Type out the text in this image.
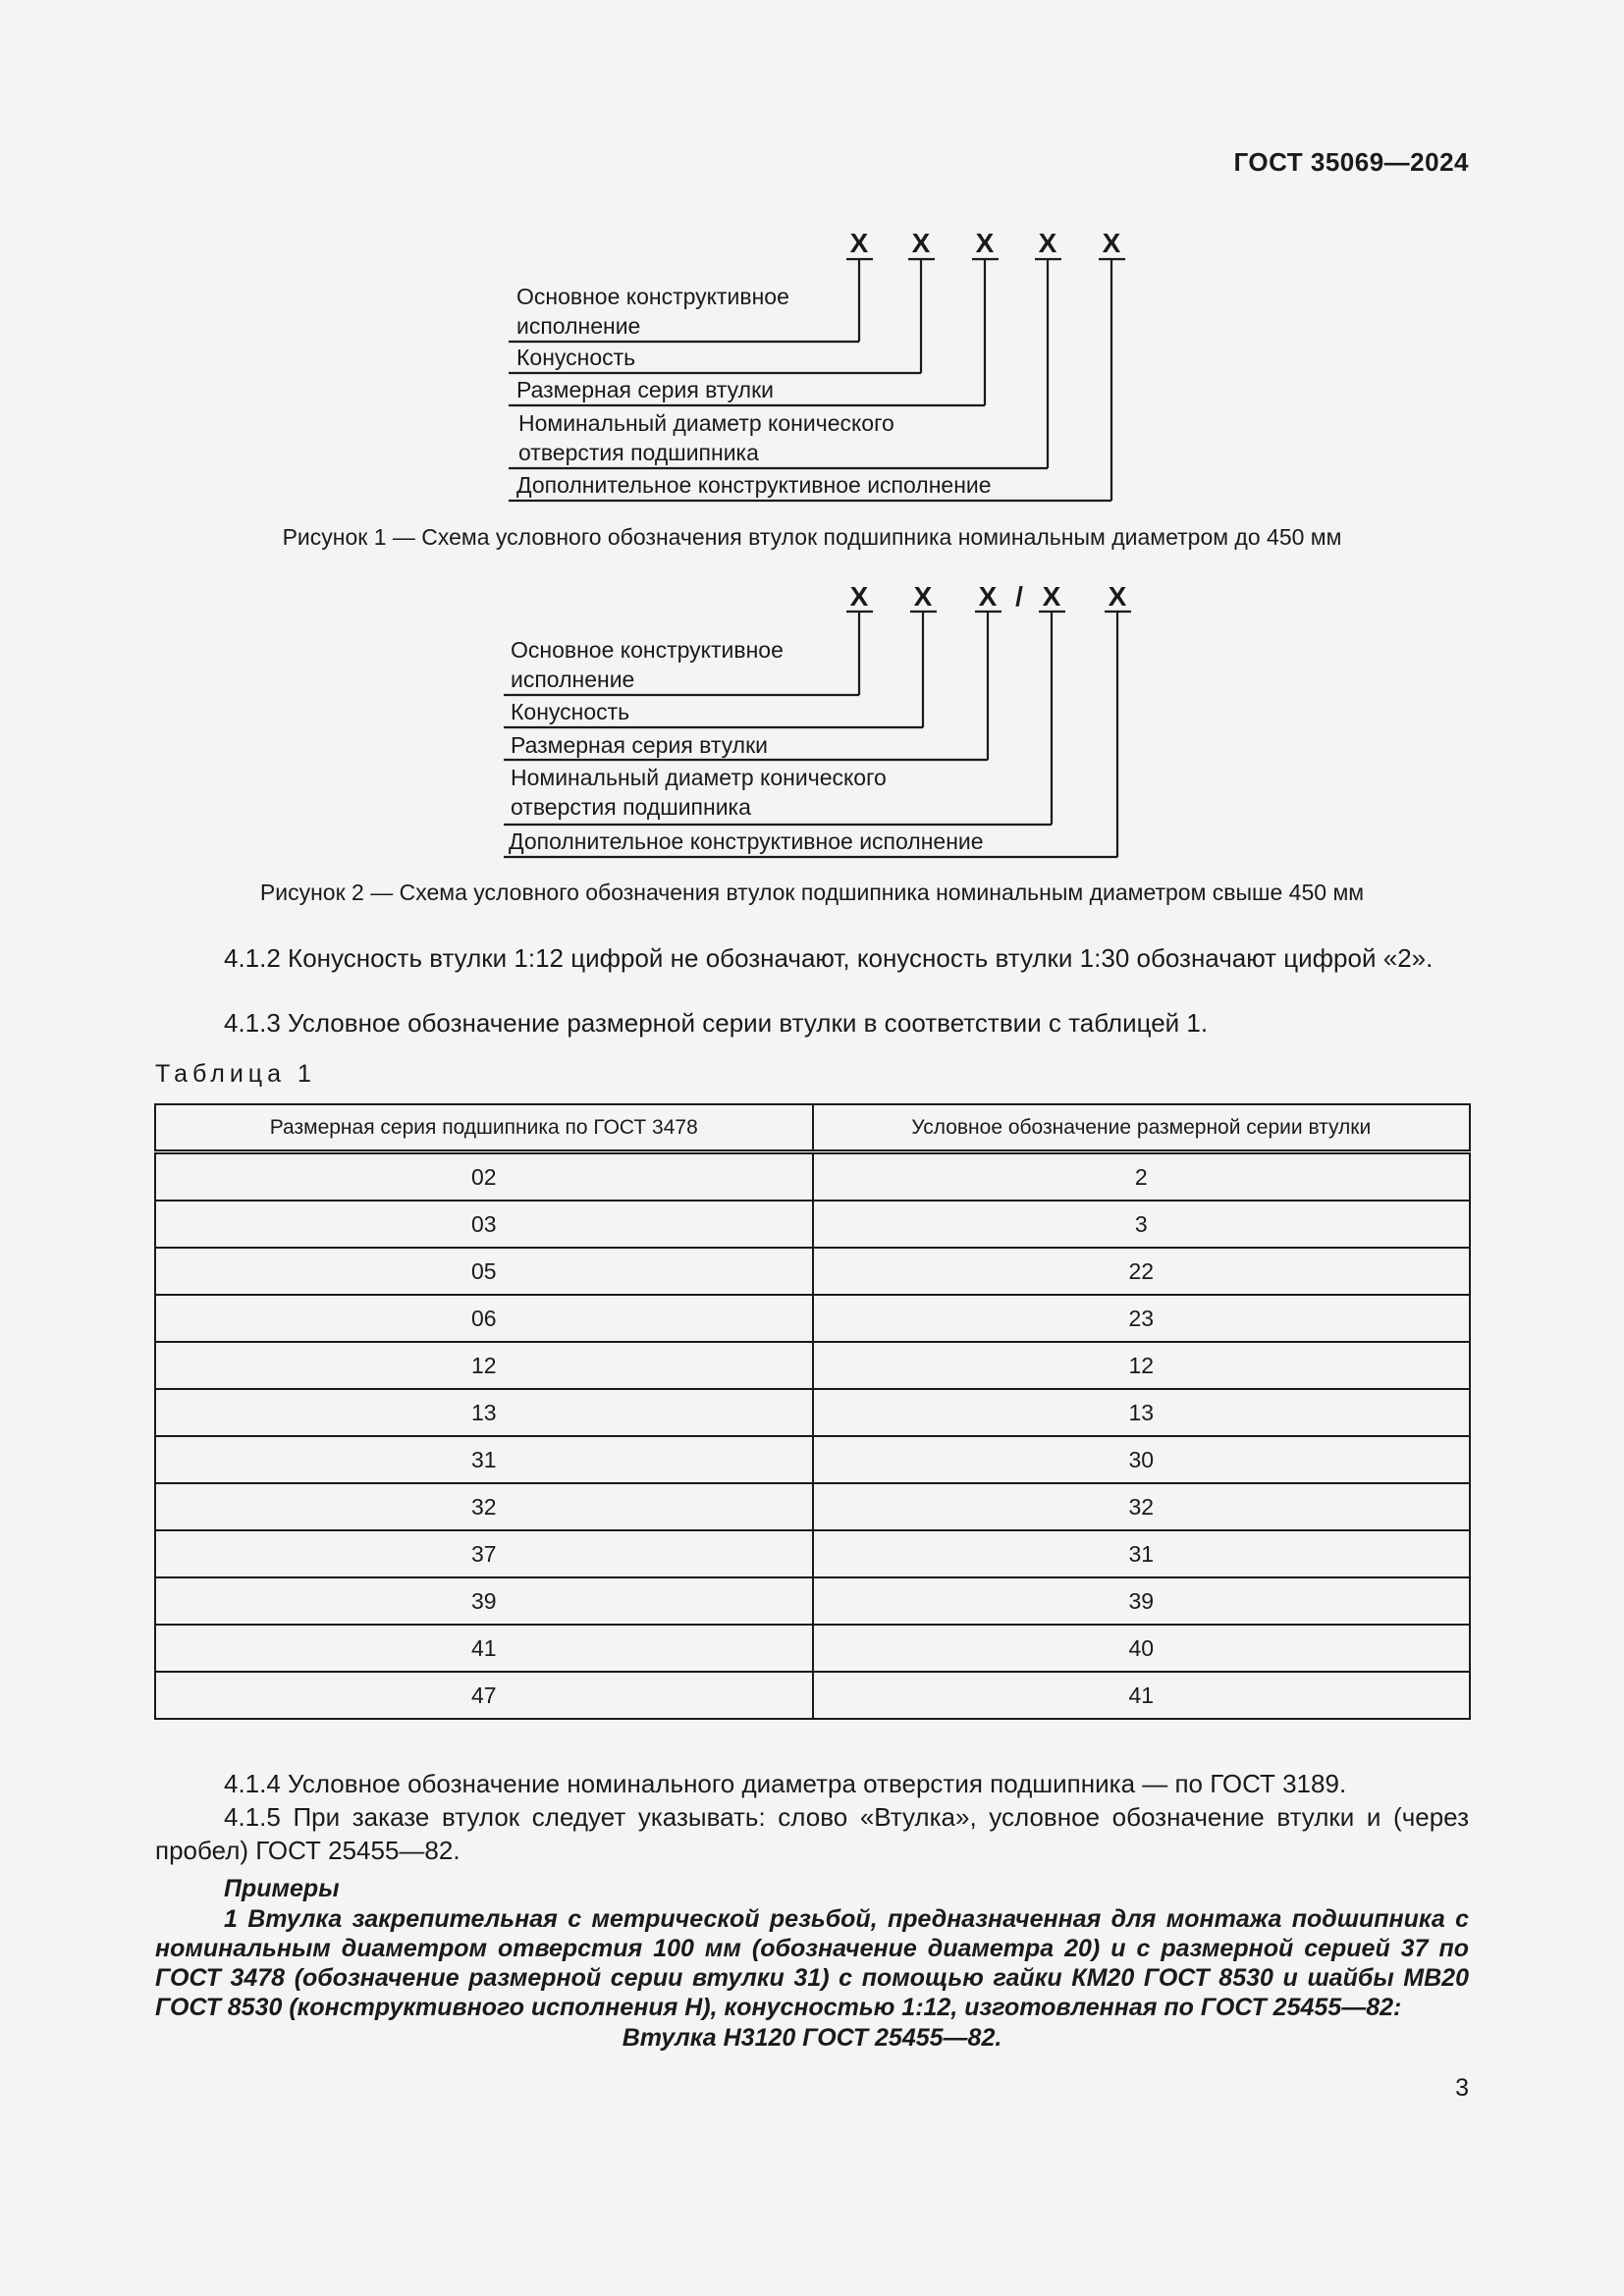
ГОСТ 35069—2024
X X X X X
Основное конструктивное
исполнение
Конусность
Размерная серия втулки
Номинальный диаметр конического
отверстия подшипника
Дополнительное конструктивное исполнение
Рисунок 1 — Схема условного обозначения втулок подшипника номинальным диаметром до 450 мм
X X X / X X
Основное конструктивное
исполнение
Конусность
Размерная серия втулки
Номинальный диаметр конического
отверстия подшипника
Дополнительное конструктивное исполнение
Рисунок 2 — Схема условного обозначения втулок подшипника номинальным диаметром свыше 450 мм
4.1.2 Конусность втулки 1:12 цифрой не обозначают, конусность втулки 1:30 обозначают цифрой «2».
4.1.3 Условное обозначение размерной серии втулки в соответствии с таблицей 1.
Таблица 1
Размерная серия подшипника по ГОСТ 3478	Условное обозначение размерной серии втулки
02	2
03	3
05	22
06	23
12	12
13	13
31	30
32	32
37	31
39	39
41	40
47	41
4.1.4 Условное обозначение номинального диаметра отверстия подшипника — по ГОСТ 3189.
4.1.5 При заказе втулок следует указывать: слово «Втулка», условное обозначение втулки и (через пробел) ГОСТ 25455—82.
Примеры
1 Втулка закрепительная с метрической резьбой, предназначенная для монтажа подшипника с номинальным диаметром отверстия 100 мм (обозначение диаметра 20) и с размерной серией 37 по ГОСТ 3478 (обозначение размерной серии втулки 31) с помощью гайки КМ20 ГОСТ 8530 и шайбы МВ20 ГОСТ 8530 (конструктивного исполнения Н), конусностью 1:12, изготовленная по ГОСТ 25455—82:
Втулка Н3120 ГОСТ 25455—82.
3
